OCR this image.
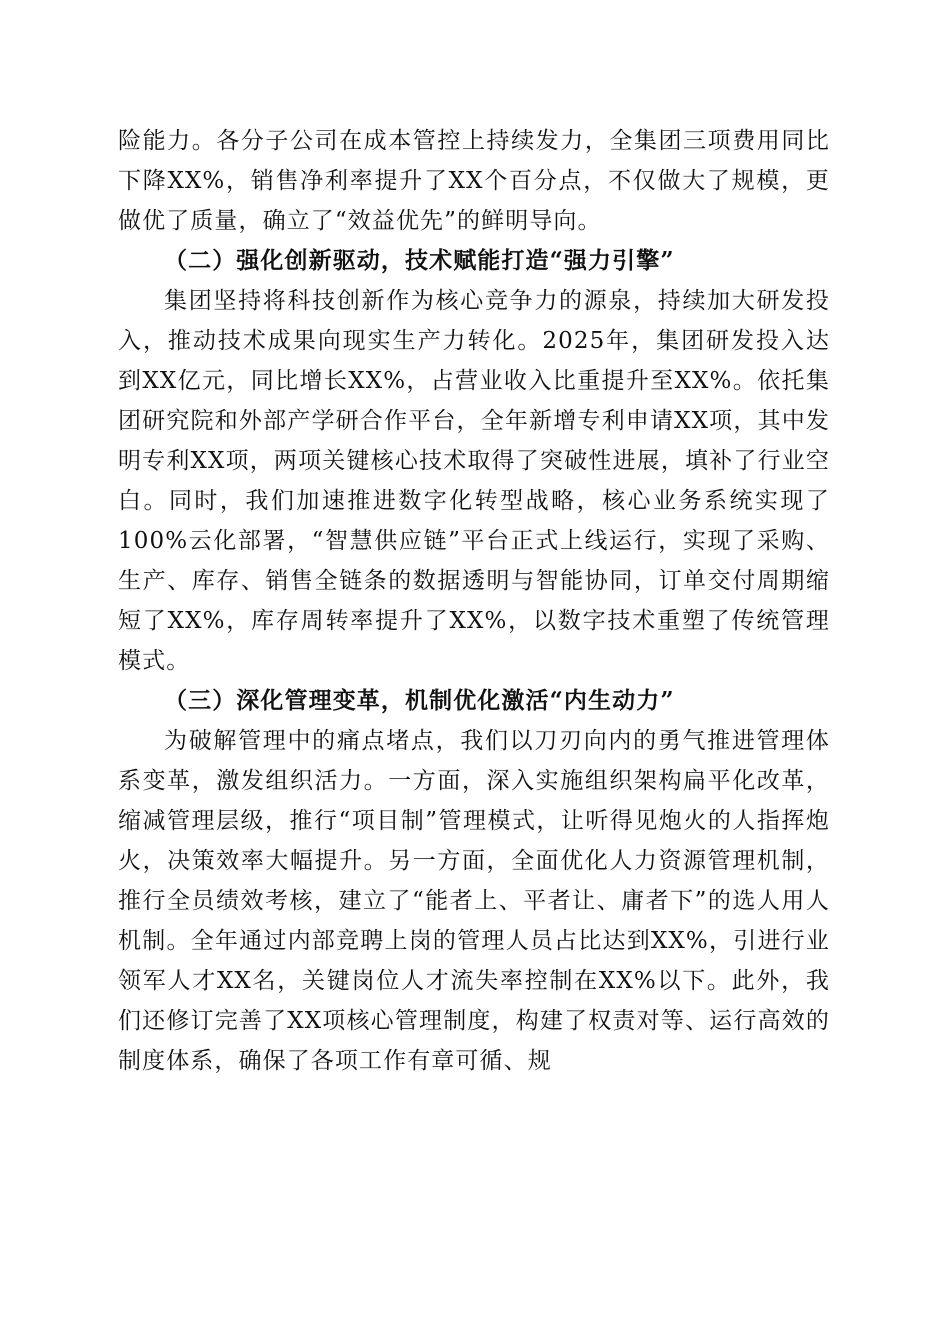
险能力。各分子公司在成本管控上持续发力，全集团三项费用同比下降XX%，销售净利率提升了XX个百分点，不仅做大了规模，更做优了质量，确立了“效益优先”的鲜明导向。

（二）强化创新驱动，技术赋能打造“强力引擎”

集团坚持将科技创新作为核心竞争力的源泉，持续加大研发投入，推动技术成果向现实生产力转化。2025年，集团研发投入达到XX亿元，同比增长XX%，占营业收入比重提升至XX%。依托集团研究院和外部产学研合作平台，全年新增专利申请XX项，其中发明专利XX项，两项关键核心技术取得了突破性进展，填补了行业空白。同时，我们加速推进数字化转型战略，核心业务系统实现了100%云化部署，“智慧供应链”平台正式上线运行，实现了采购、生产、库存、销售全链条的数据透明与智能协同，订单交付周期缩短了XX%，库存周转率提升了XX%，以数字技术重塑了传统管理模式。

（三）深化管理变革，机制优化激活“内生动力”

为破解管理中的痛点堵点，我们以刀刃向内的勇气推进管理体系变革，激发组织活力。一方面，深入实施组织架构扁平化改革，缩减管理层级，推行“项目制”管理模式，让听得见炮火的人指挥炮火，决策效率大幅提升。另一方面，全面优化人力资源管理机制，推行全员绩效考核，建立了“能者上、平者让、庸者下”的选人用人机制。全年通过内部竞聘上岗的管理人员占比达到XX%，引进行业领军人才XX名，关键岗位人才流失率控制在XX%以下。此外，我们还修订完善了XX项核心管理制度，构建了权责对等、运行高效的制度体系，确保了各项工作有章可循、规
